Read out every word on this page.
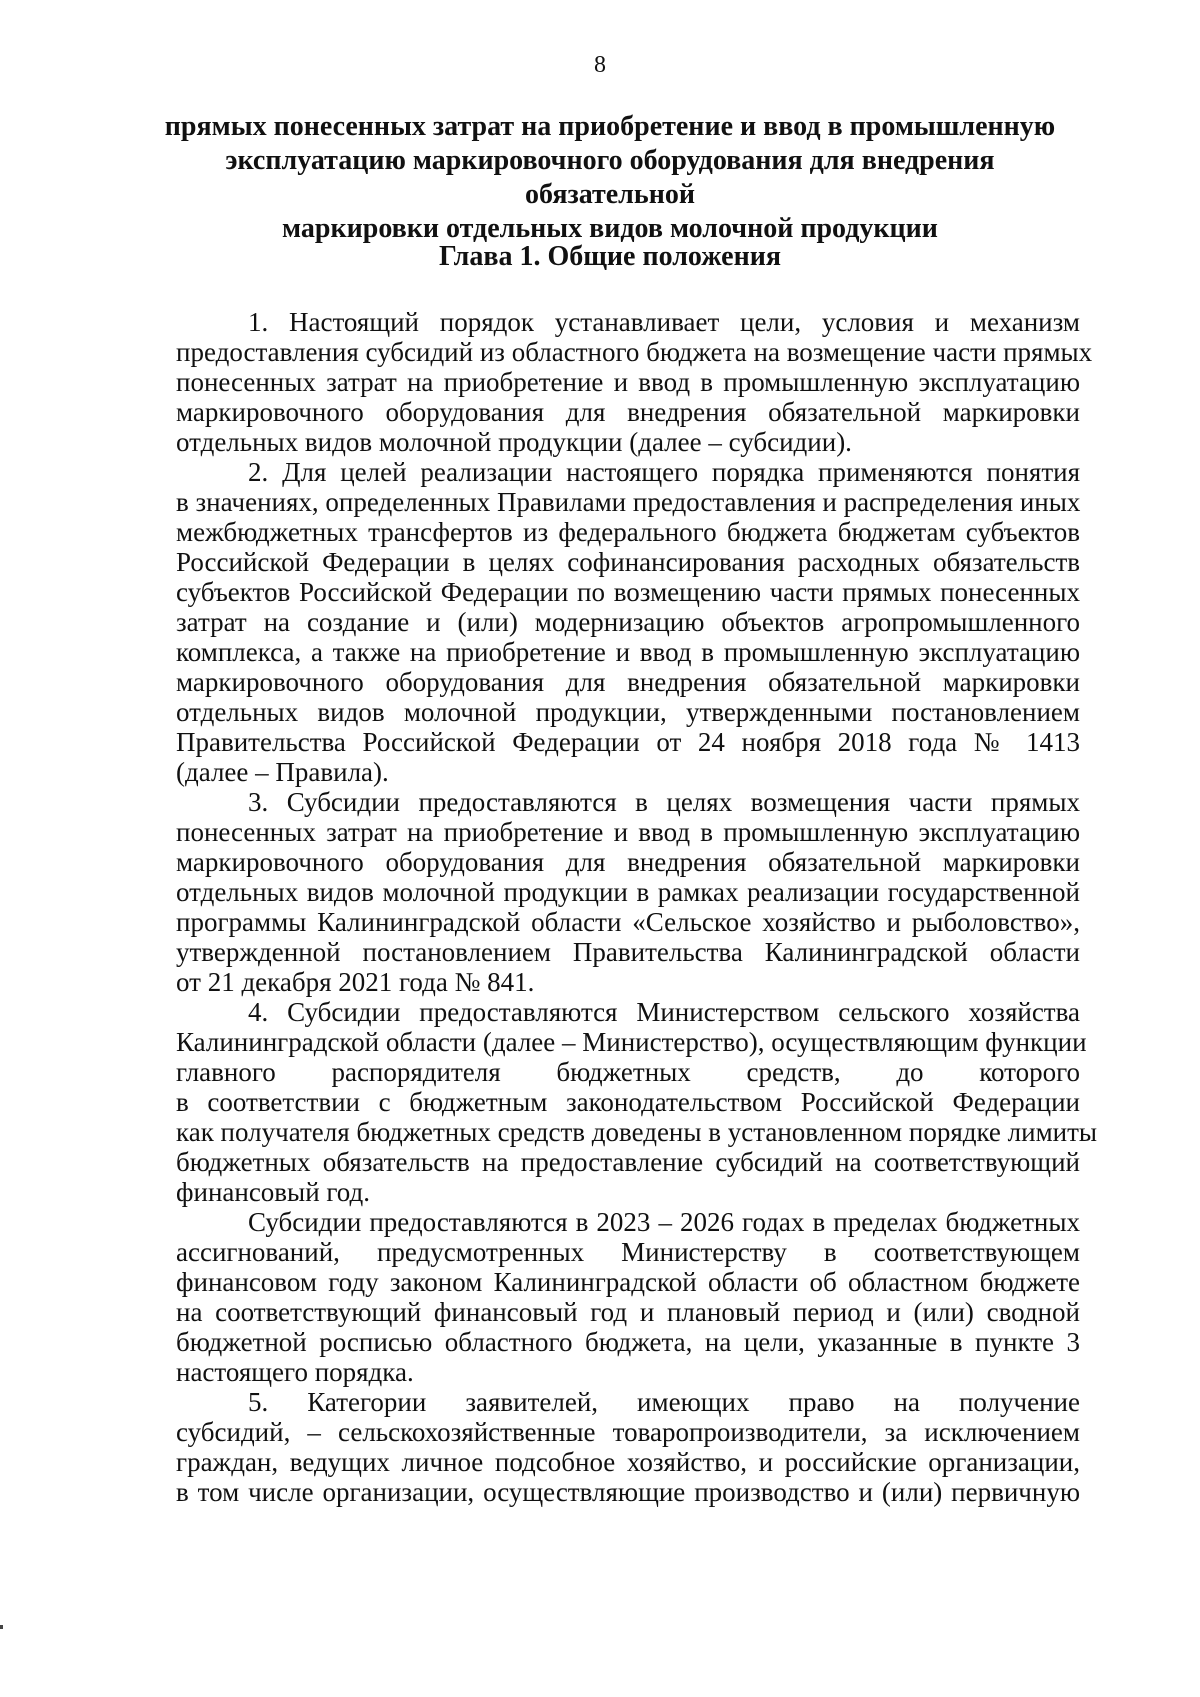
8
прямых понесенных затрат на приобретение и ввод в промышленную
эксплуатацию маркировочного оборудования для внедрения обязательной
маркировки отдельных видов молочной продукции
Глава 1. Общие положения
1. Настоящий порядок устанавливает цели, условия и механизм
предоставления субсидий из областного бюджета на возмещение части прямых
понесенных затрат на приобретение и ввод в промышленную эксплуатацию
маркировочного оборудования для внедрения обязательной маркировки
отдельных видов молочной продукции (далее – субсидии).
2. Для целей реализации настоящего порядка применяются понятия
в значениях, определенных Правилами предоставления и распределения иных
межбюджетных трансфертов из федерального бюджета бюджетам субъектов
Российской Федерации в целях софинансирования расходных обязательств
субъектов Российской Федерации по возмещению части прямых понесенных
затрат на создание и (или) модернизацию объектов агропромышленного
комплекса, а также на приобретение и ввод в промышленную эксплуатацию
маркировочного оборудования для внедрения обязательной маркировки
отдельных видов молочной продукции, утвержденными постановлением
Правительства Российской Федерации от 24 ноября 2018 года № 1413
(далее – Правила).
3. Субсидии предоставляются в целях возмещения части прямых
понесенных затрат на приобретение и ввод в промышленную эксплуатацию
маркировочного оборудования для внедрения обязательной маркировки
отдельных видов молочной продукции в рамках реализации государственной
программы Калининградской области «Сельское хозяйство и рыболовство»,
утвержденной постановлением Правительства Калининградской области
от 21 декабря 2021 года № 841.
4. Субсидии предоставляются Министерством сельского хозяйства
Калининградской области (далее – Министерство), осуществляющим функции
главного распорядителя бюджетных средств, до которого
в соответствии с бюджетным законодательством Российской Федерации
как получателя бюджетных средств доведены в установленном порядке лимиты
бюджетных обязательств на предоставление субсидий на соответствующий
финансовый год.
Субсидии предоставляются в 2023 – 2026 годах в пределах бюджетных
ассигнований, предусмотренных Министерству в соответствующем
финансовом году законом Калининградской области об областном бюджете
на соответствующий финансовый год и плановый период и (или) сводной
бюджетной росписью областного бюджета, на цели, указанные в пункте 3
настоящего порядка.
5. Категории заявителей, имеющих право на получение
субсидий, – сельскохозяйственные товаропроизводители, за исключением
граждан, ведущих личное подсобное хозяйство, и российские организации,
в том числе организации, осуществляющие производство и (или) первичную
